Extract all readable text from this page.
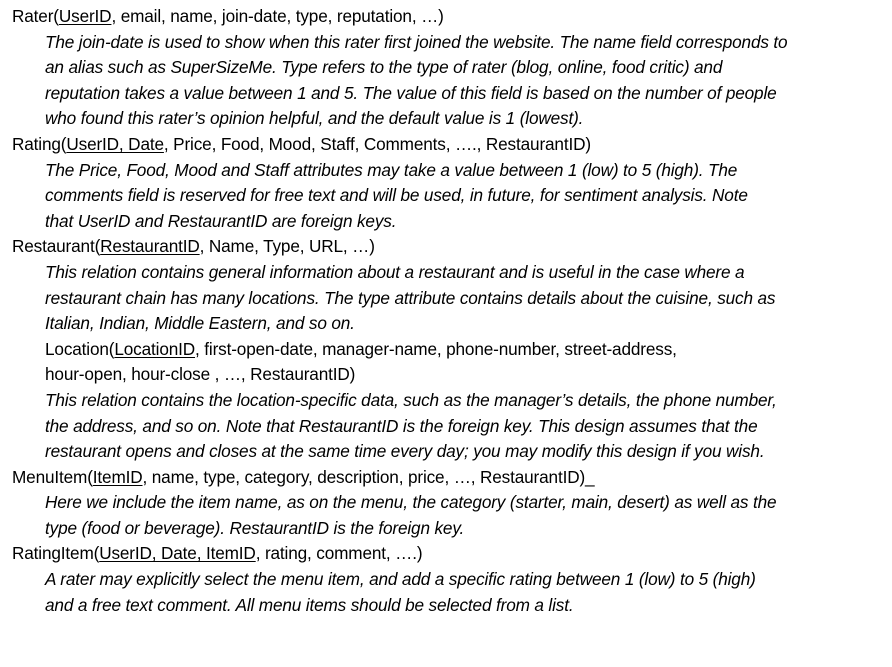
Rater(UserID, email, name, join-date, type, reputation, …)
The join-date is used to show when this rater first joined the website. The name field corresponds to
an alias such as SuperSizeMe. Type refers to the type of rater (blog, online, food critic) and
reputation takes a value between 1 and 5. The value of this field is based on the number of people
who found this rater’s opinion helpful, and the default value is 1 (lowest).
Rating(UserID, Date, Price, Food, Mood, Staff, Comments, …., RestaurantID)
The Price, Food, Mood and Staff attributes may take a value between 1 (low) to 5 (high). The
comments field is reserved for free text and will be used, in future, for sentiment analysis. Note
that UserID and RestaurantID are foreign keys.
Restaurant(RestaurantID, Name, Type, URL, …)
This relation contains general information about a restaurant and is useful in the case where a
restaurant chain has many locations. The type attribute contains details about the cuisine, such as
Italian, Indian, Middle Eastern, and so on.
Location(LocationID, first-open-date, manager-name, phone-number, street-address,
hour-open, hour-close , …, RestaurantID)
This relation contains the location-specific data, such as the manager’s details, the phone number,
the address, and so on. Note that RestaurantID is the foreign key. This design assumes that the
restaurant opens and closes at the same time every day; you may modify this design if you wish.
MenuItem(ItemID, name, type, category, description, price, …, RestaurantID)_
Here we include the item name, as on the menu, the category (starter, main, desert) as well as the
type (food or beverage). RestaurantID is the foreign key.
RatingItem(UserID, Date, ItemID, rating, comment, ….)
A rater may explicitly select the menu item, and add a specific rating between 1 (low) to 5 (high)
and a free text comment. All menu items should be selected from a list.
